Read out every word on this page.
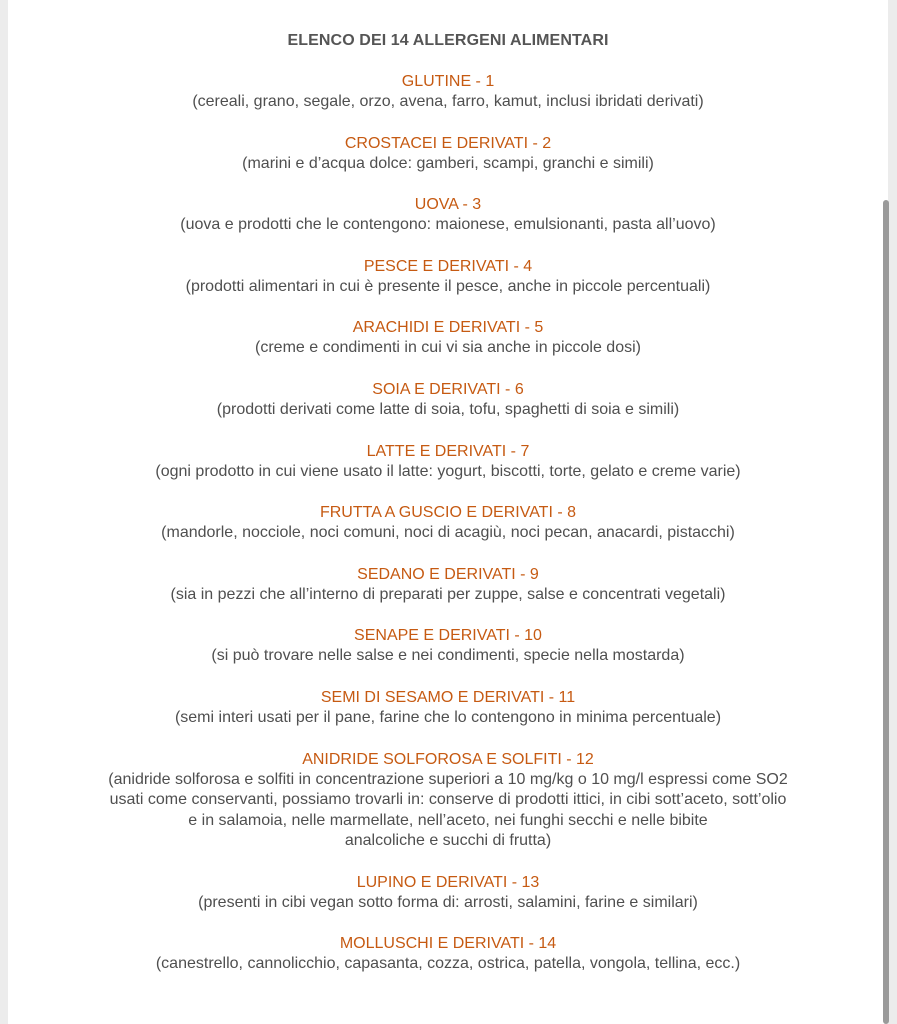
ELENCO DEI 14 ALLERGENI ALIMENTARI
GLUTINE - 1
(cereali, grano, segale, orzo, avena, farro, kamut, inclusi ibridati derivati)
CROSTACEI E DERIVATI - 2
(marini e d’acqua dolce: gamberi, scampi, granchi e simili)
UOVA - 3
(uova e prodotti che le contengono: maionese, emulsionanti, pasta all’uovo)
PESCE E DERIVATI - 4
(prodotti alimentari in cui è presente il pesce, anche in piccole percentuali)
ARACHIDI E DERIVATI - 5
(creme e condimenti in cui vi sia anche in piccole dosi)
SOIA E DERIVATI - 6
(prodotti derivati come latte di soia, tofu, spaghetti di soia e simili)
LATTE E DERIVATI - 7
(ogni prodotto in cui viene usato il latte: yogurt, biscotti, torte, gelato e creme varie)
FRUTTA A GUSCIO E DERIVATI - 8
(mandorle, nocciole, noci comuni, noci di acagiù, noci pecan, anacardi, pistacchi)
SEDANO E DERIVATI - 9
(sia in pezzi che all’interno di preparati per zuppe, salse e concentrati vegetali)
SENAPE E DERIVATI - 10
(si può trovare nelle salse e nei condimenti, specie nella mostarda)
SEMI DI SESAMO E DERIVATI - 11
(semi interi usati per il pane, farine che lo contengono in minima percentuale)
ANIDRIDE SOLFOROSA E SOLFITI - 12
(anidride solforosa e solfiti in concentrazione superiori a 10 mg/kg o 10 mg/l espressi come SO2
usati come conservanti, possiamo trovarli in: conserve di prodotti ittici, in cibi sott’aceto, sott’olio
e in salamoia, nelle marmellate, nell’aceto, nei funghi secchi e nelle bibite
analcoliche e succhi di frutta)
LUPINO E DERIVATI - 13
(presenti in cibi vegan sotto forma di: arrosti, salamini, farine e similari)
MOLLUSCHI E DERIVATI - 14
(canestrello, cannolicchio, capasanta, cozza, ostrica, patella, vongola, tellina, ecc.)
